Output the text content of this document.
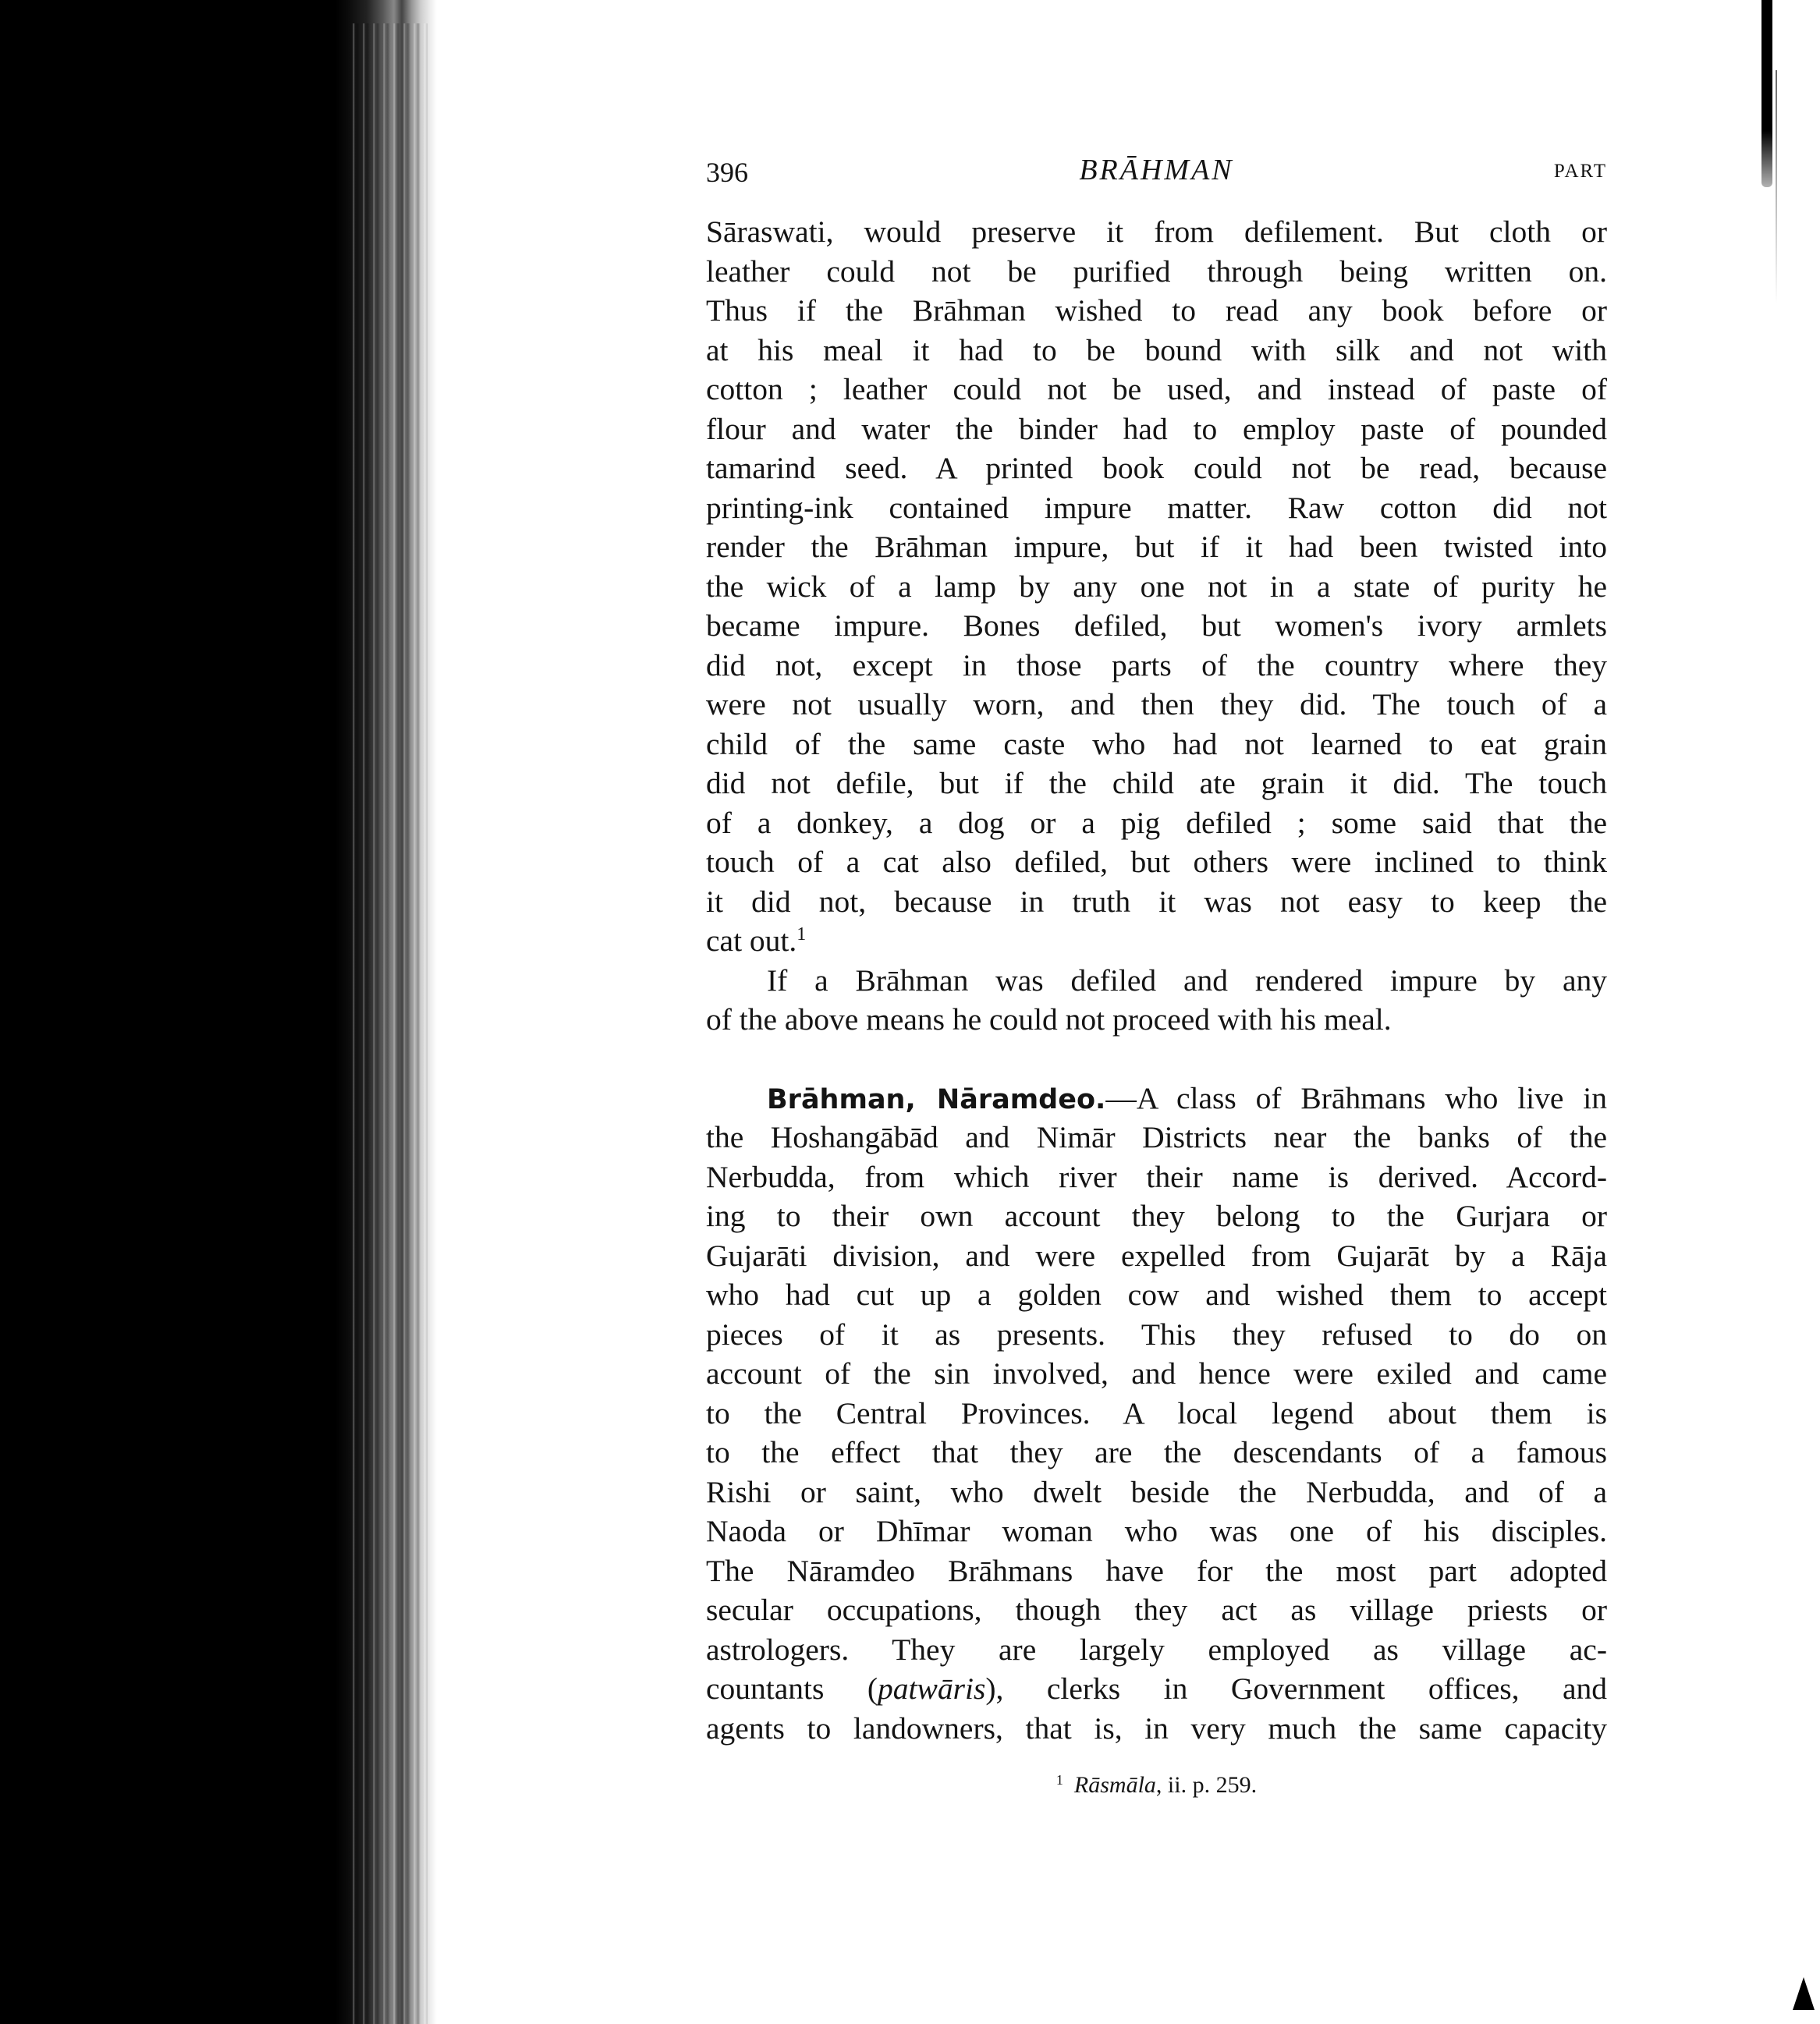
396	BRĀHMAN	PART
Sāraswati, would preserve it from defilement. But cloth or
leather could not be purified through being written on.
Thus if the Brāhman wished to read any book before or
at his meal it had to be bound with silk and not with
cotton ; leather could not be used, and instead of paste of
flour and water the binder had to employ paste of pounded
tamarind seed. A printed book could not be read, because
printing-ink contained impure matter. Raw cotton did not
render the Brāhman impure, but if it had been twisted into
the wick of a lamp by any one not in a state of purity he
became impure. Bones defiled, but women's ivory armlets
did not, except in those parts of the country where they
were not usually worn, and then they did. The touch of a
child of the same caste who had not learned to eat grain
did not defile, but if the child ate grain it did. The touch
of a donkey, a dog or a pig defiled ; some said that the
touch of a cat also defiled, but others were inclined to think
it did not, because in truth it was not easy to keep the
cat out.$^1$
If a Brāhman was defiled and rendered impure by any
of the above means he could not proceed with his meal.
Brāhman, Nāramdeo.—A class of Brāhmans who live in
the Hoshangābād and Nimār Districts near the banks of the
Nerbudda, from which river their name is derived. Accord-
ing to their own account they belong to the Gurjara or
Gujarāti division, and were expelled from Gujarāt by a Rāja
who had cut up a golden cow and wished them to accept
pieces of it as presents. This they refused to do on
account of the sin involved, and hence were exiled and came
to the Central Provinces. A local legend about them is
to the effect that they are the descendants of a famous
Rishi or saint, who dwelt beside the Nerbudda, and of a
Naoda or Dhīmar woman who was one of his disciples.
The Nāramdeo Brāhmans have for the most part adopted
secular occupations, though they act as village priests or
astrologers. They are largely employed as village ac-
countants (patwāris), clerks in Government offices, and
agents to landowners, that is, in very much the same capacity
$^1$ Rāsmāla, ii. p. 259.
